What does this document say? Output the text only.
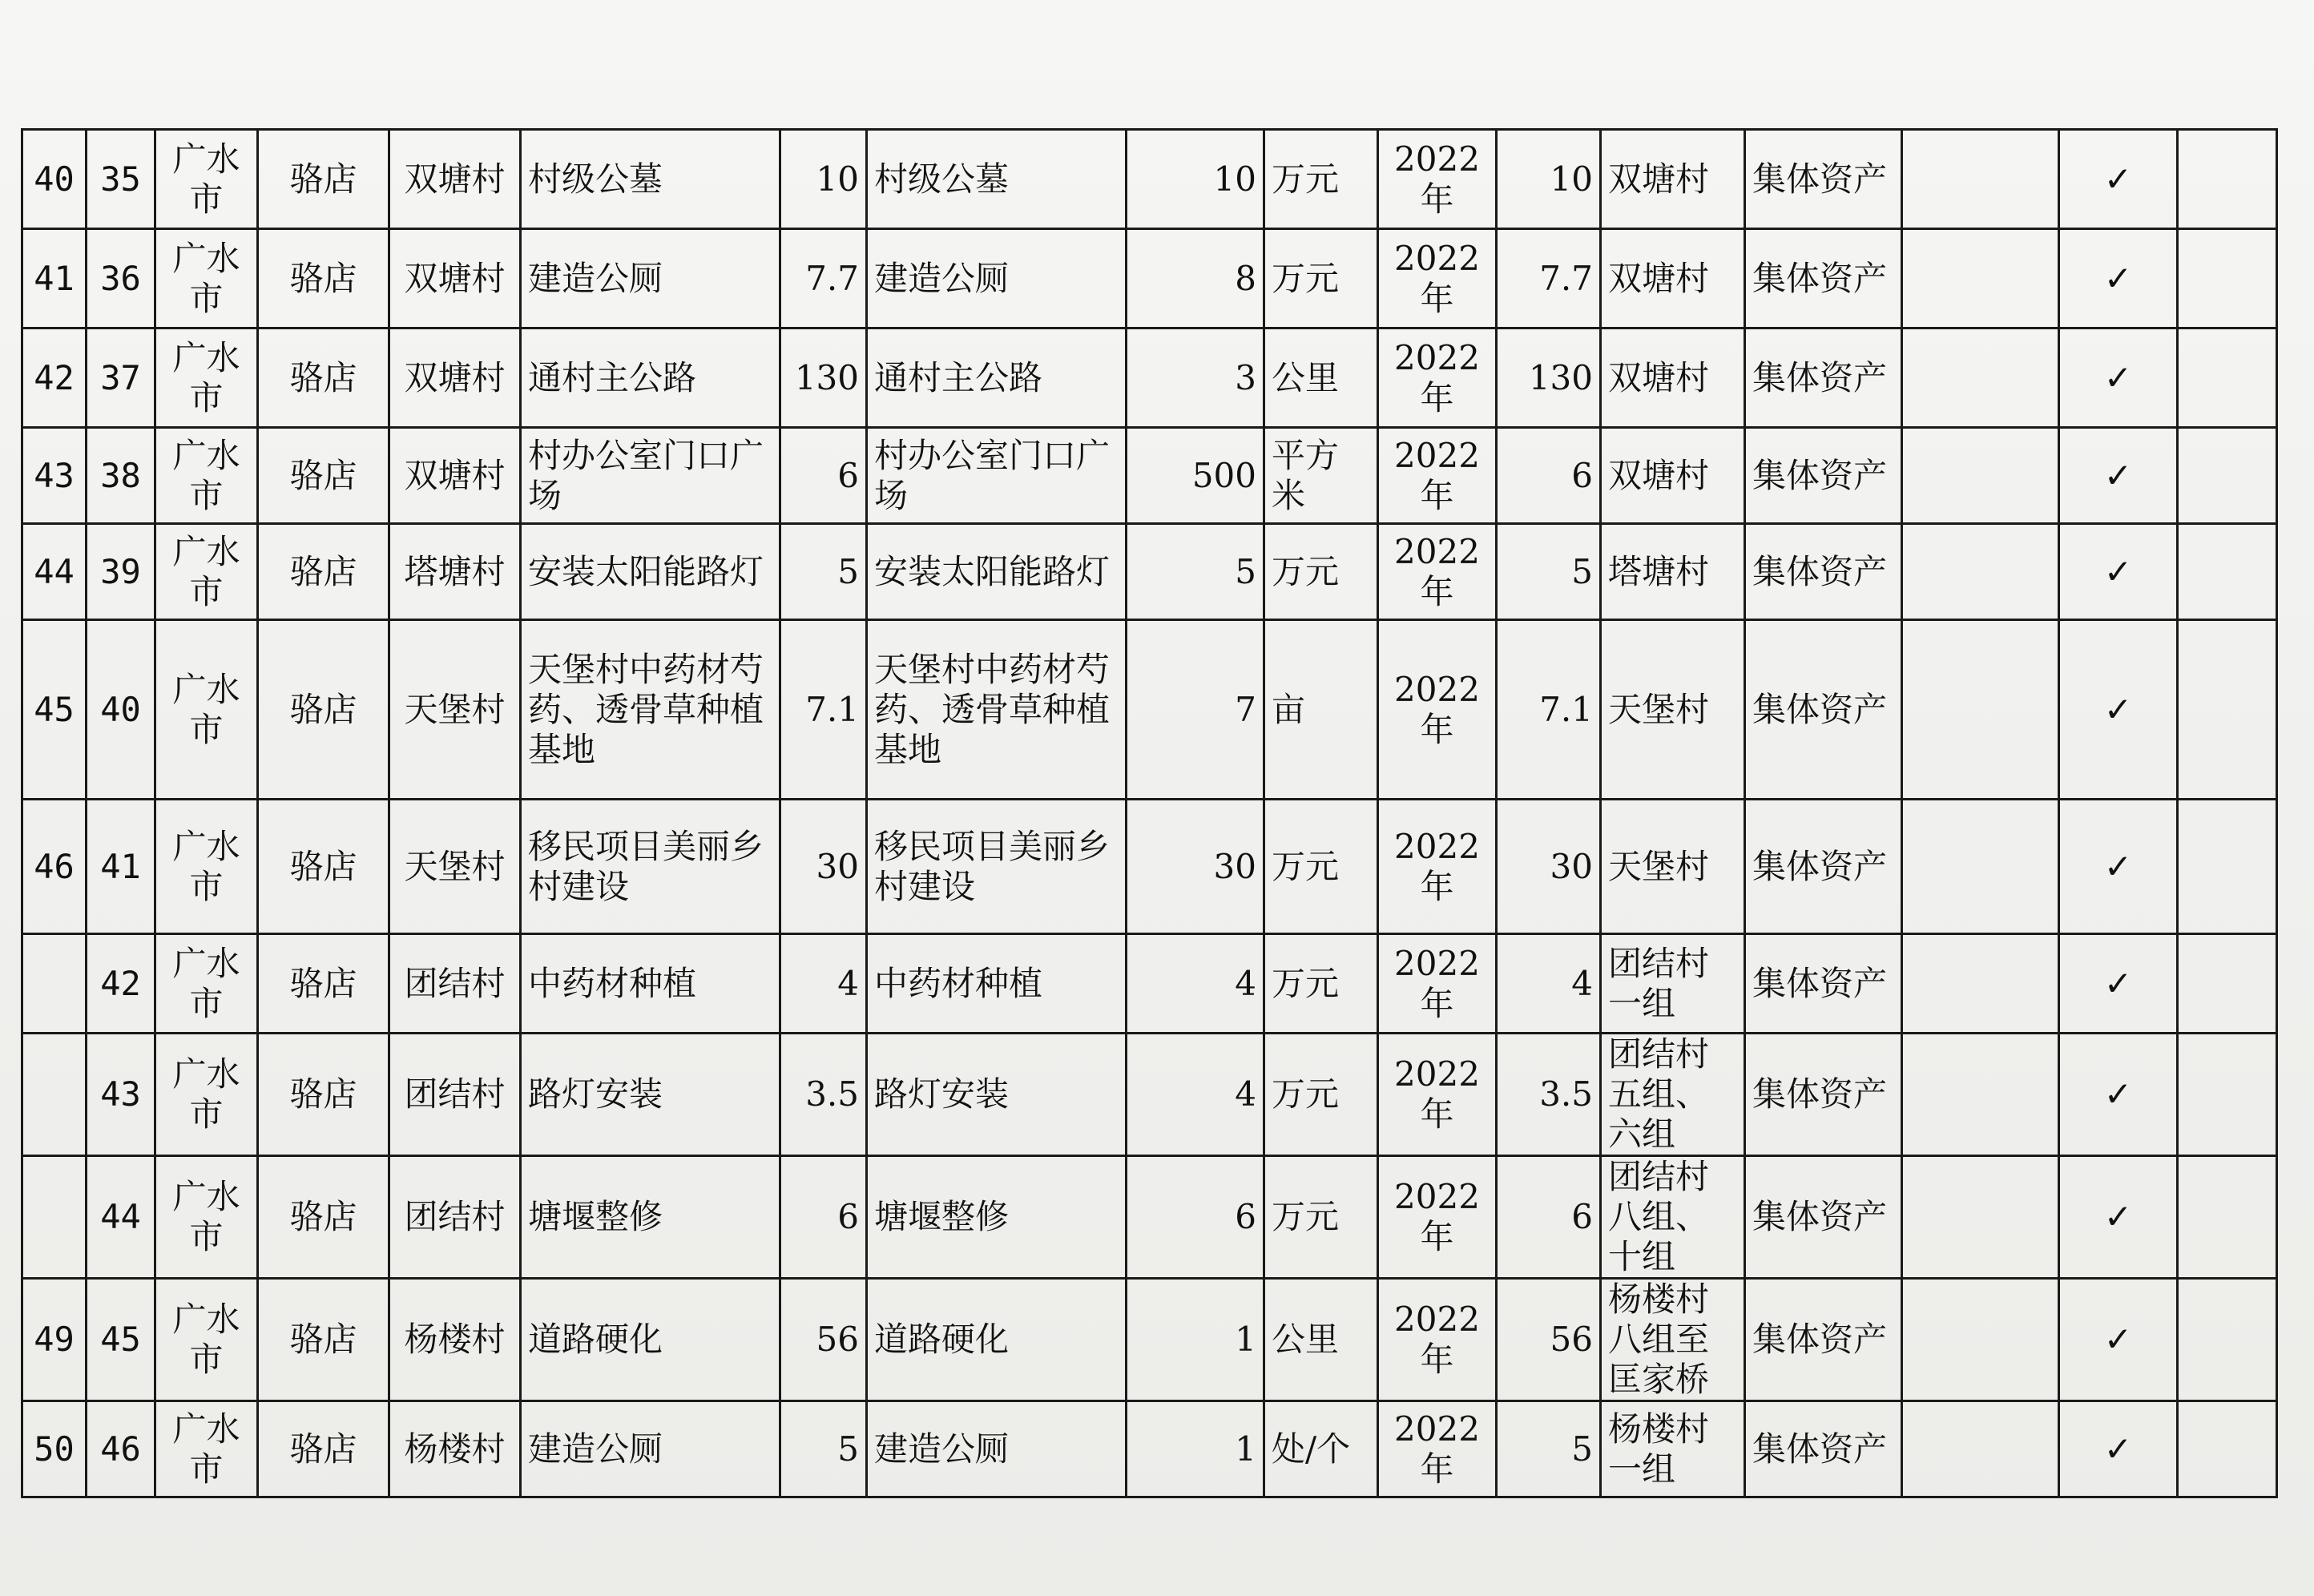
40	35	广水市	骆店	双塘村	村级公墓	10	村级公墓	10	万元	2022年	10	双塘村	集体资产		✓	
41	36	广水市	骆店	双塘村	建造公厕	7.7	建造公厕	8	万元	2022年	7.7	双塘村	集体资产		✓	
42	37	广水市	骆店	双塘村	通村主公路	130	通村主公路	3	公里	2022年	130	双塘村	集体资产		✓	
43	38	广水市	骆店	双塘村	村办公室门口广场	6	村办公室门口广场	500	平方米	2022年	6	双塘村	集体资产		✓	
44	39	广水市	骆店	塔塘村	安装太阳能路灯	5	安装太阳能路灯	5	万元	2022年	5	塔塘村	集体资产		✓	
45	40	广水市	骆店	天堡村	天堡村中药材芍药、透骨草种植基地	7.1	天堡村中药材芍药、透骨草种植基地	7	亩	2022年	7.1	天堡村	集体资产		✓	
46	41	广水市	骆店	天堡村	移民项目美丽乡村建设	30	移民项目美丽乡村建设	30	万元	2022年	30	天堡村	集体资产		✓	
	42	广水市	骆店	团结村	中药材种植	4	中药材种植	4	万元	2022年	4	团结村一组	集体资产		✓	
	43	广水市	骆店	团结村	路灯安装	3.5	路灯安装	4	万元	2022年	3.5	团结村五组、六组	集体资产		✓	
	44	广水市	骆店	团结村	塘堰整修	6	塘堰整修	6	万元	2022年	6	团结村八组、十组	集体资产		✓	
49	45	广水市	骆店	杨楼村	道路硬化	56	道路硬化	1	公里	2022年	56	杨楼村八组至匡家桥	集体资产		✓	
50	46	广水市	骆店	杨楼村	建造公厕	5	建造公厕	1	处/个	2022年	5	杨楼村一组	集体资产		✓	
